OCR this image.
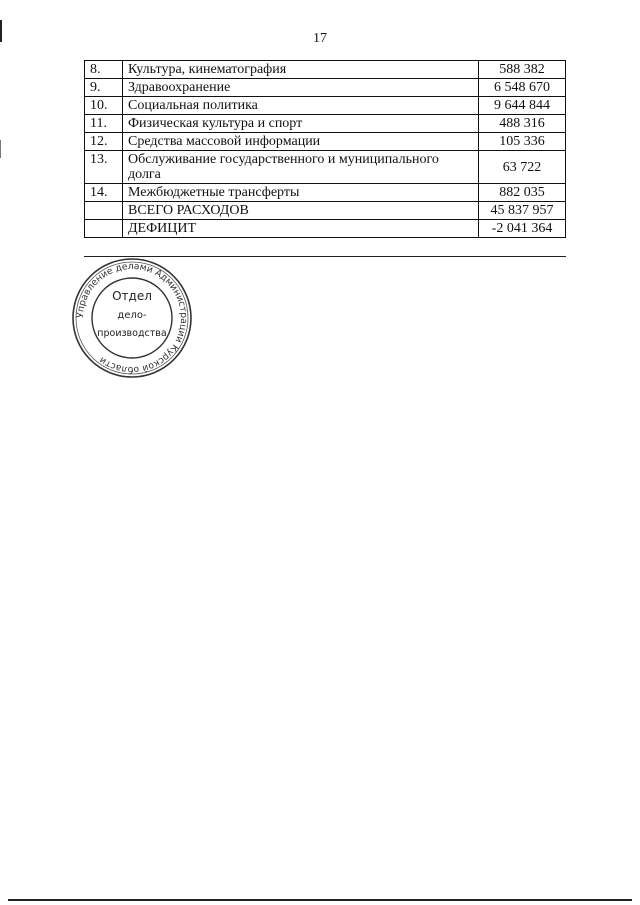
17
8.	Культура, кинематография	588 382
9.	Здравоохранение	6 548 670
10.	Социальная политика	9 644 844
11.	Физическая культура и спорт	488 316
12.	Средства массовой информации	105 336
13.	Обслуживание государственного и муниципального долга	63 722
14.	Межбюджетные трансферты	882 035
	ВСЕГО РАСХОДОВ	45 837 957
	ДЕФИЦИТ	-2 041 364
Управление делами Администрации Курской области
Отдел
дело-
производства
